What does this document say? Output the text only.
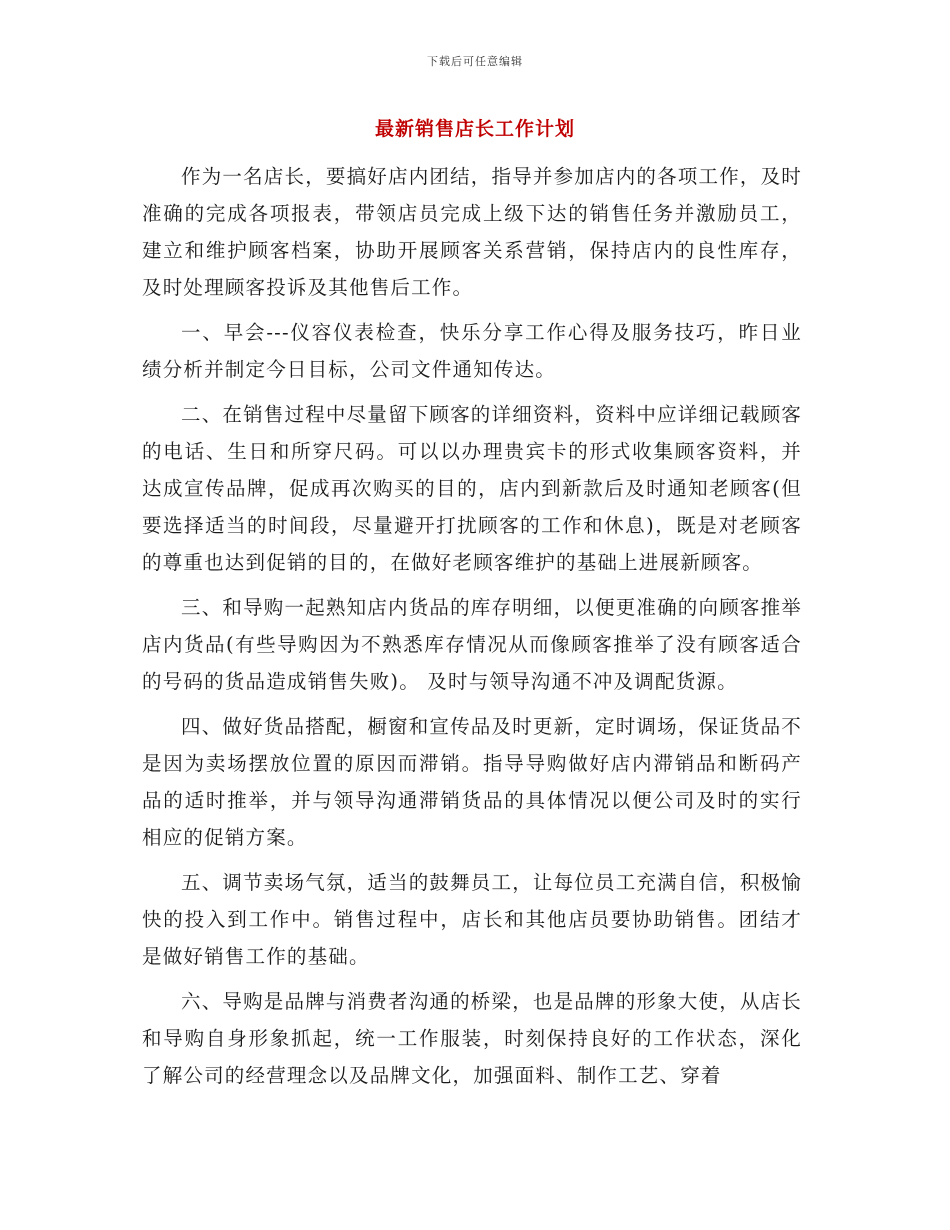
下载后可任意编辑
最新销售店长工作计划

作为一名店长，要搞好店内团结，指导并参加店内的各项工作，及时准确的完成各项报表，带领店员完成上级下达的销售任务并激励员工，建立和维护顾客档案，协助开展顾客关系营销，保持店内的良性库存，及时处理顾客投诉及其他售后工作。

一、早会---仪容仪表检查，快乐分享工作心得及服务技巧，昨日业绩分析并制定今日目标，公司文件通知传达。

二、在销售过程中尽量留下顾客的详细资料，资料中应详细记载顾客的电话、生日和所穿尺码。可以以办理贵宾卡的形式收集顾客资料，并达成宣传品牌，促成再次购买的目的，店内到新款后及时通知老顾客(但要选择适当的时间段，尽量避开打扰顾客的工作和休息)，既是对老顾客的尊重也达到促销的目的，在做好老顾客维护的基础上进展新顾客。

三、和导购一起熟知店内货品的库存明细，以便更准确的向顾客推举店内货品(有些导购因为不熟悉库存情况从而像顾客推举了没有顾客适合的号码的货品造成销售失败)。 及时与领导沟通不冲及调配货源。

四、做好货品搭配，橱窗和宣传品及时更新，定时调场，保证货品不是因为卖场摆放位置的原因而滞销。指导导购做好店内滞销品和断码产品的适时推举，并与领导沟通滞销货品的具体情况以便公司及时的实行相应的促销方案。

五、调节卖场气氛，适当的鼓舞员工，让每位员工充满自信，积极愉快的投入到工作中。销售过程中，店长和其他店员要协助销售。团结才是做好销售工作的基础。

六、导购是品牌与消费者沟通的桥梁，也是品牌的形象大使，从店长和导购自身形象抓起，统一工作服装，时刻保持良好的工作状态，深化了解公司的经营理念以及品牌文化，加强面料、制作工艺、穿着
